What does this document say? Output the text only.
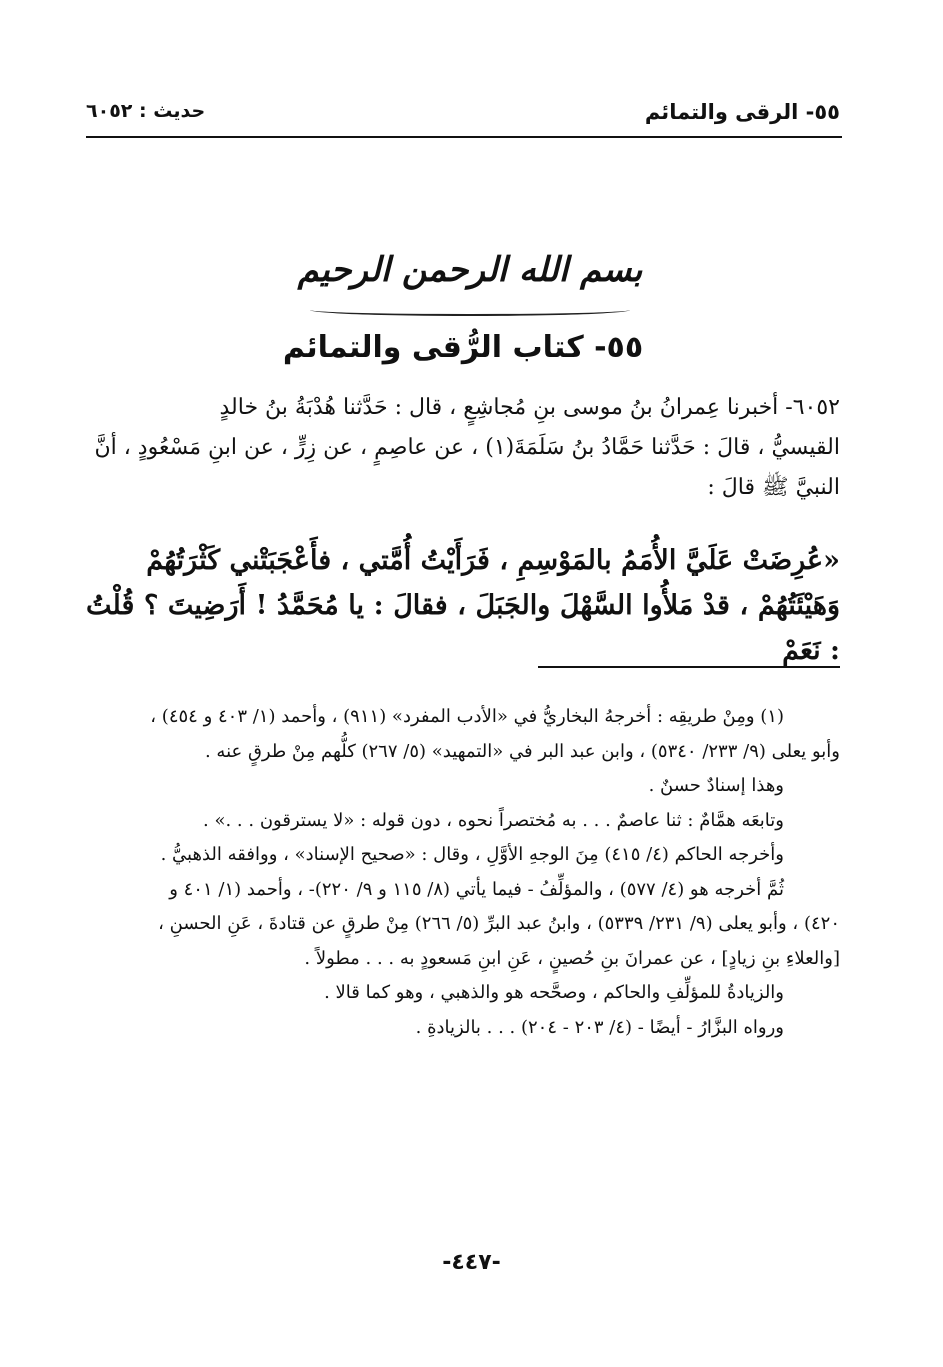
٥٥- الرقى والتمائم
حديث : ٦٠٥٢
بسم الله الرحمن الرحيم
٥٥- كتاب الرُّقى والتمائم

٦٠٥٢- أخبرنا عِمرانُ بنُ موسى بنِ مُجاشِعٍ ، قال : حَدَّثنا هُدْبَةُ بنُ خالدٍ

القيسيُّ ، قالَ : حَدَّثنا حَمَّادُ بنُ سَلَمَةَ(١) ، عن عاصِمٍ ، عن زِرٍّ ، عن ابنِ مَسْعُودٍ ، أنَّ

النبيَّ ﷺ قالَ :

«عُرِضَتْ عَلَيَّ الأُمَمُ بالمَوْسِمِ ، فَرَأَيْتُ أُمَّتي ، فأَعْجَبَتْني كَثْرَتُهُمْ
وَهَيْئَتُهُمْ ، قدْ مَلأُوا السَّهْلَ والجَبَلَ ، فقالَ : يا مُحَمَّدُ ! أَرَضِيتَ ؟ قُلْتُ : نَعَمْ

(١) ومِنْ طريقِه : أخرجهُ البخاريُّ في «الأدب المفرد» (٩١١) ، وأحمد (١/ ٤٠٣ و ٤٥٤) ،

وأبو يعلى (٩/ ٢٣٣/ ٥٣٤٠) ، وابن عبد البر في «التمهيد» (٥/ ٢٦٧) كلُّهم مِنْ طرقٍ عنه .

وهذا إسنادٌ حسنٌ .

وتابعَه همَّامٌ : ثنا عاصمٌ . . . به مُختصراً نحوه ، دون قوله : «لا يسترقون . . .» .

وأخرجه الحاكم (٤/ ٤١٥) مِنَ الوجهِ الأوَّلِ ، وقال : «صحيح الإسناد» ، ووافقه الذهبيُّ .

ثُمَّ أخرجه هو (٤/ ٥٧٧) ، والمؤلِّفُ - فيما يأتي (٨/ ١١٥ و ٩/ ٢٢٠)- ، وأحمد (١/ ٤٠١ و

٤٢٠) ، وأبو يعلى (٩/ ٢٣١/ ٥٣٣٩) ، وابنُ عبد البرِّ (٥/ ٢٦٦) مِنْ طرقٍ عن قتادةَ ، عَنِ الحسنِ ،

[والعلاءِ بنِ زيادٍ] ، عن عمرانَ بنِ حُصينٍ ، عَنِ ابنِ مَسعودٍ به . . . مطولاً .

والزيادةُ للمؤلِّفِ والحاكم ، وصحَّحه هو والذهبي ، وهو كما قالا .

ورواه البزَّارُ - أيضًا - (٤/ ٢٠٣ - ٢٠٤) . . . بالزيادةِ .

-٤٤٧-
